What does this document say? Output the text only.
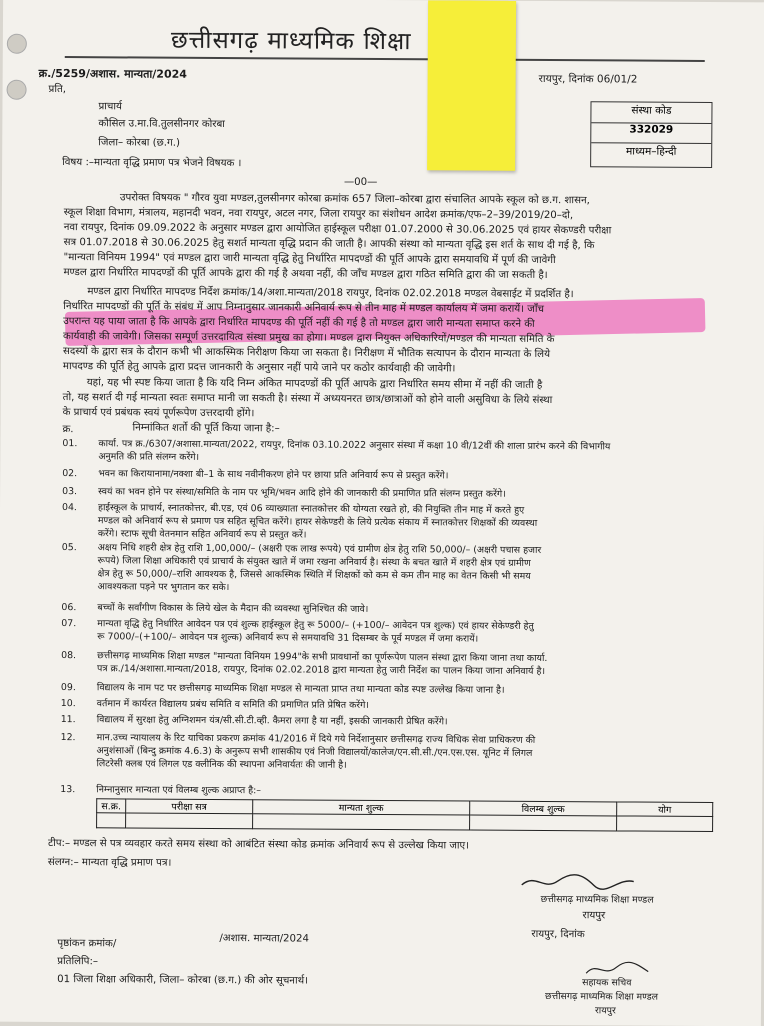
छत्तीसगढ़ माध्यमिक शिक्षा
क्र./5259/अशास. मान्यता/2024
प्रति,
रायपुर, दिनांक 06/01/2
संस्था कोड
332029
माध्यम–हिन्दी
प्राचार्य
कौसिल उ.मा.वि.तुलसीनगर कोरबा
जिला– कोरबा (छ.ग.)
विषय :–मान्यता वृद्धि प्रमाण पत्र भेजने विषयक ।
—00—
स.क्र.	परीक्षा सत्र	मान्यता शुल्क	विलम्ब शुल्क	योग

टीप:– मण्डल से पत्र व्यवहार करते समय संस्था को आबंटित संस्था कोड क्रमांक अनिवार्य रूप से उल्लेख किया जाए।
संलग्न:– मान्यता वृद्धि प्रमाण पत्र।
छत्तीसगढ़ माध्यमिक शिक्षा मण्डल
रायपुर
रायपुर, दिनांक
पृष्ठांकन क्रमांक/	/अशास. मान्यता/2024
प्रतिलिपि:–
01 जिला शिक्षा अधिकारी, जिला– कोरबा (छ.ग.) की ओर सूचनार्थ।	सहायक सचिव
छत्तीसगढ़ माध्यमिक शिक्षा मण्डल
रायपुर
उपरोक्त विषयक " गौरव युवा मण्डल,तुलसीनगर कोरबा क्रमांक 657 जिला–कोरबा द्वारा संचालित आपके स्कूल को छ.ग. शासन,
स्कूल शिक्षा विभाग, मंत्रालय, महानदी भवन, नवा रायपुर, अटल नगर, जिला रायपुर का संशोधन आदेश क्रमांक/एफ–2–39/2019/20–दो,
नवा रायपुर, दिनांक 09.09.2022 के अनुसार मण्डल द्वारा आयोजित हाईस्कूल परीक्षा 01.07.2000 से 30.06.2025 एवं हायर सेकण्डरी परीक्षा
सत्र 01.07.2018 से 30.06.2025 हेतु सशर्त मान्यता वृद्धि प्रदान की जाती है। आपकी संस्था को मान्यता वृद्धि इस शर्त के साथ दी गई है, कि
"मान्यता विनियम 1994" एवं मण्डल द्वारा जारी मान्यता वृद्धि हेतु निर्धारित मापदण्डों की पूर्ति आपके द्वारा समयावधि में पूर्ण की जावेगी
मण्डल द्वारा निर्धारित मापदण्डों की पूर्ति आपके द्वारा की गई है अथवा नहीं, की जाँच मण्डल द्वारा गठित समिति द्वारा की जा सकती है।
मण्डल द्वारा निर्धारित मापदण्ड निर्देश क्रमांक/14/अशा.मान्यता/2018 रायपुर, दिनांक 02.02.2018 मण्डल वेबसाईट में प्रदर्शित है।
निर्धारित मापदण्डों की पूर्ति के संबंध में आप निम्नानुसार जानकारी अनिवार्य रूप से तीन माह में मण्डल कार्यालय में जमा करायें। जाँच
उपरान्त यह पाया जाता है कि आपके द्वारा निर्धारित मापदण्ड की पूर्ति नहीं की गई है तो मण्डल द्वारा जारी मान्यता समाप्त करने की
कार्यवाही की जावेगी। जिसका सम्पूर्ण उत्तरदायित्व संस्था प्रमुख का होगा। मण्डल द्वारा नियुक्त अधिकारियों/मण्डल की मान्यता समिति के
सदस्यों के द्वारा सत्र के दौरान कभी भी आकस्मिक निरीक्षण किया जा सकता है। निरीक्षण में भौतिक सत्यापन के दौरान मान्यता के लिये
मापदण्ड की पूर्ति हेतु आपके द्वारा प्रदत्त जानकारी के अनुसार नहीं पाये जाने पर कठोर कार्यवाही की जावेगी।
यहां, यह भी स्पष्ट किया जाता है कि यदि निम्न अंकित मापदण्डों की पूर्ति आपके द्वारा निर्धारित समय सीमा में नहीं की जाती है
तो, यह सशर्त दी गई मान्यता स्वतः समाप्त मानी जा सकती है। संस्था में अध्ययनरत छात्र/छात्राओं को होने वाली असुविधा के लिये संस्था
के प्राचार्य एवं प्रबंधक स्वयं पूर्णरूपेण उत्तरदायी होंगे।
क्र.	निम्नांकित शर्तो की पूर्ति किया जाना है:–
01. कार्या. पत्र क्र./6307/अशासा.मान्यता/2022, रायपुर, दिनांक 03.10.2022 अनुसार संस्था में कक्षा 10 वी/12वीं की शाला प्रारंभ करने की विभागीय
अनुमति की प्रति संलग्न करेंगे।
02. भवन का किरायानामा/नक्शा बी–1 के साथ नवीनीकरण होने पर छाया प्रति अनिवार्य रूप से प्रस्तुत करेंगे।
03. स्वयं का भवन होने पर संस्था/समिति के नाम पर भूमि/भवन आदि होने की जानकारी की प्रमाणित प्रति संलग्न प्रस्तुत करेंगे।
04. हाईस्कूल के प्राचार्य, स्नातकोत्तर, बी.एड, एवं 06 व्याख्याता स्नातकोत्तर की योग्यता रखते हो, की नियुक्ति तीन माह में करते हुए
मण्डल को अनिवार्य रूप से प्रमाण पत्र सहित सूचित करेंगे। हायर सेकेण्डरी के लिये प्रत्येक संकाय में स्नातकोत्तर शिक्षकों की व्यवस्था
करेंगे। स्टाफ सूची वेतनमान सहित अनिवार्य रूप से प्रस्तुत करें।
05. अक्षय निधि शहरी क्षेत्र हेतु राशि 1,00,000/– (अक्षरी एक लाख रूपये) एवं ग्रामीण क्षेत्र हेतु राशि 50,000/– (अक्षरी पचास हजार
रूपये) जिला शिक्षा अधिकारी एवं प्राचार्य के संयुक्त खाते में जमा रखना अनिवार्य है। संस्था के बचत खाते में शहरी क्षेत्र एवं ग्रामीण
क्षेत्र हेतु रू 50,000/–राशि आवश्यक है, जिससे आकस्मिक स्थिति में शिक्षकों को कम से कम तीन माह का वेतन किसी भी समय
आवश्यकता पड़ने पर भुगतान कर सके।
06. बच्चों के सर्वांगीण विकास के लिये खेल के मैदान की व्यवस्था सुनिश्चित की जावे।
07. मान्यता वृद्धि हेतु निर्धारित आवेदन पत्र एवं शुल्क हाईस्कूल हेतु रू 5000/– (+100/– आवेदन पत्र शुल्क) एवं हायर सेकेण्डरी हेतु
रू 7000/–(+100/– आवेदन पत्र शुल्क) अनिवार्य रूप से समयावधि 31 दिसम्बर के पूर्व मण्डल में जमा करायें।
08. छत्तीसगढ़ माध्यमिक शिक्षा मण्डल "मान्यता विनियम 1994"के सभी प्रावधानों का पूर्णरूपेण पालन संस्था द्वारा किया जाना तथा कार्या.
पत्र क्र./14/अशासा.मान्यता/2018, रायपुर, दिनांक 02.02.2018 द्वारा मान्यता हेतु जारी निर्देश का पालन किया जाना अनिवार्य है।
09. विद्यालय के नाम पट पर छत्तीसगढ़ माध्यमिक शिक्षा मण्डल से मान्यता प्राप्त तथा मान्यता कोड स्पष्ट उल्लेख किया जाना है।
10. वर्तमान में कार्यरत विद्यालय प्रबंध समिति व समिति की प्रमाणित प्रति प्रेषित करेंगे।
11. विद्यालय में सुरक्षा हेतु अग्निशमन यंत्र/सी.सी.टी.व्ही. कैमरा लगा है या नहीं, इसकी जानकारी प्रेषित करेंगे।
12. मान.उच्च न्यायालय के रिट याचिका प्रकरण क्रमांक 41/2016 में दिये गये निर्देशानुसार छत्तीसगढ़ राज्य विधिक सेवा प्राधिकरण की
अनुशंसाओं (बिन्दु क्रमांक 4.6.3) के अनुरूप सभी शासकीय एवं निजी विद्यालयों/कालेज/एन.सी.सी./एन.एस.एस. यूनिट में लिगल
लिटरेसी क्लब एवं लिगल एड क्लीनिक की स्थापना अनिवार्यतः की जानी है।
13. निम्नानुसार मान्यता एवं विलम्ब शुल्क अप्राप्त है:–
